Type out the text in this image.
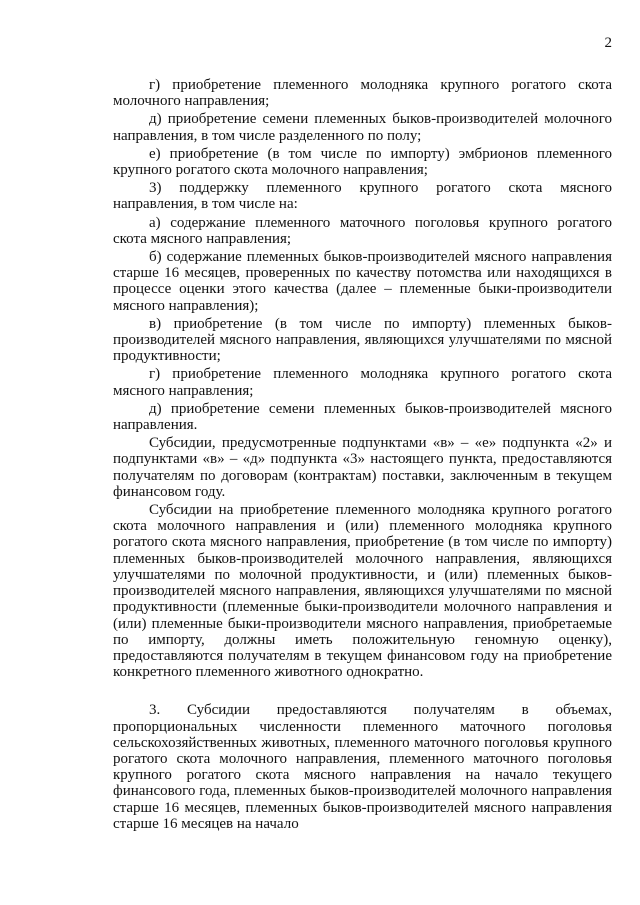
2

г) приобретение племенного молодняка крупного рогатого скота молочного направления;

д) приобретение семени племенных быков-производителей молочного направления, в том числе разделенного по полу;

е) приобретение (в том числе по импорту) эмбрионов племенного крупного рогатого скота молочного направления;

3) поддержку племенного крупного рогатого скота мясного направления, в том числе на:

а) содержание племенного маточного поголовья крупного рогатого скота мясного направления;

б) содержание племенных быков-производителей мясного направления старше 16 месяцев, проверенных по качеству потомства или находящихся в процессе оценки этого качества (далее – племенные быки-производители мясного направления);

в) приобретение (в том числе по импорту) племенных быков-производителей мясного направления, являющихся улучшателями по мясной продуктивности;

г) приобретение племенного молодняка крупного рогатого скота мясного направления;

д) приобретение семени племенных быков-производителей мясного направления.

Субсидии, предусмотренные подпунктами «в» – «е» подпункта «2» и подпунктами «в» – «д» подпункта «3» настоящего пункта, предоставляются получателям по договорам (контрактам) поставки, заключенным в текущем финансовом году.

Субсидии на приобретение племенного молодняка крупного рогатого скота молочного направления и (или) племенного молодняка крупного рогатого скота мясного направления, приобретение (в том числе по импорту) племенных быков-производителей молочного направления, являющихся улучшателями по молочной продуктивности, и (или) племенных быков-производителей мясного направления, являющихся улучшателями по мясной продуктивности (племенные быки-производители молочного направления и (или) племенные быки-производители мясного направления, приобретаемые по импорту, должны иметь положительную геномную оценку), предоставляются получателям в текущем финансовом году на приобретение конкретного племенного животного однократно.

3. Субсидии предоставляются получателям в объемах, пропорциональных численности племенного маточного поголовья сельскохозяйственных животных, племенного маточного поголовья крупного рогатого скота молочного направления, племенного маточного поголовья крупного рогатого скота мясного направления на начало текущего финансового года, племенных быков-производителей молочного направления старше 16 месяцев, племенных быков-производителей мясного направления старше 16 месяцев на начало
